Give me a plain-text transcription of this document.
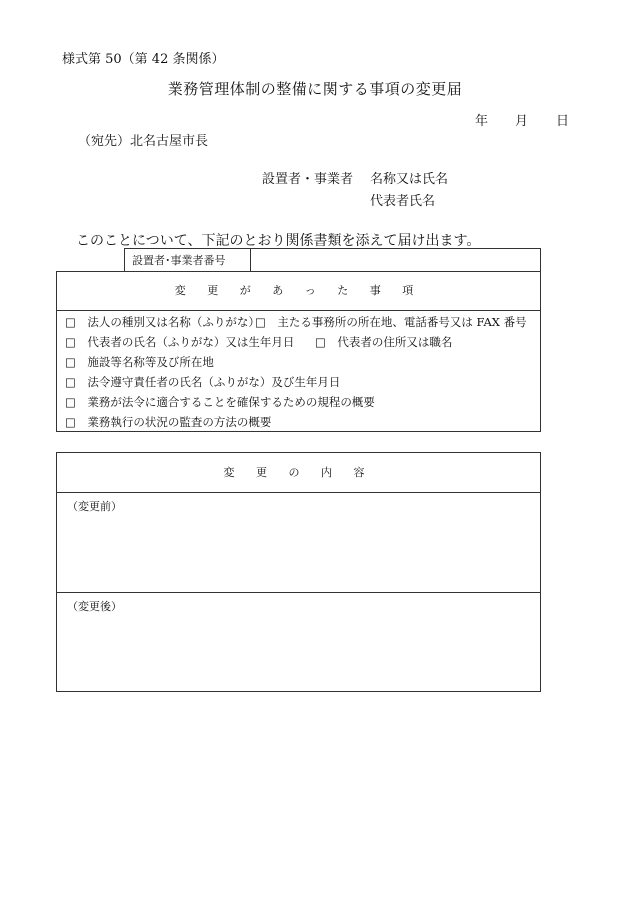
様式第 50（第 42 条関係）
業務管理体制の整備に関する事項の変更届
年 月 日
（宛先）北名古屋市長
設置者・事業者 名称又は氏名
代表者氏名
このことについて、下記のとおり関係書類を添えて届け出ます。
設置者･事業者番号
変 更 が あ っ た 事 項
□　法人の種別又は名称（ふりがな）
□　主たる事務所の所在地、電話番号又は FAX 番号
□　代表者の氏名（ふりがな）又は生年月日 □　代表者の住所又は職名
□　施設等名称等及び所在地
□　法令遵守責任者の氏名（ふりがな）及び生年月日
□　業務が法令に適合することを確保するための規程の概要
□　業務執行の状況の監査の方法の概要
変 更 の 内 容
（変更前）
（変更後）
